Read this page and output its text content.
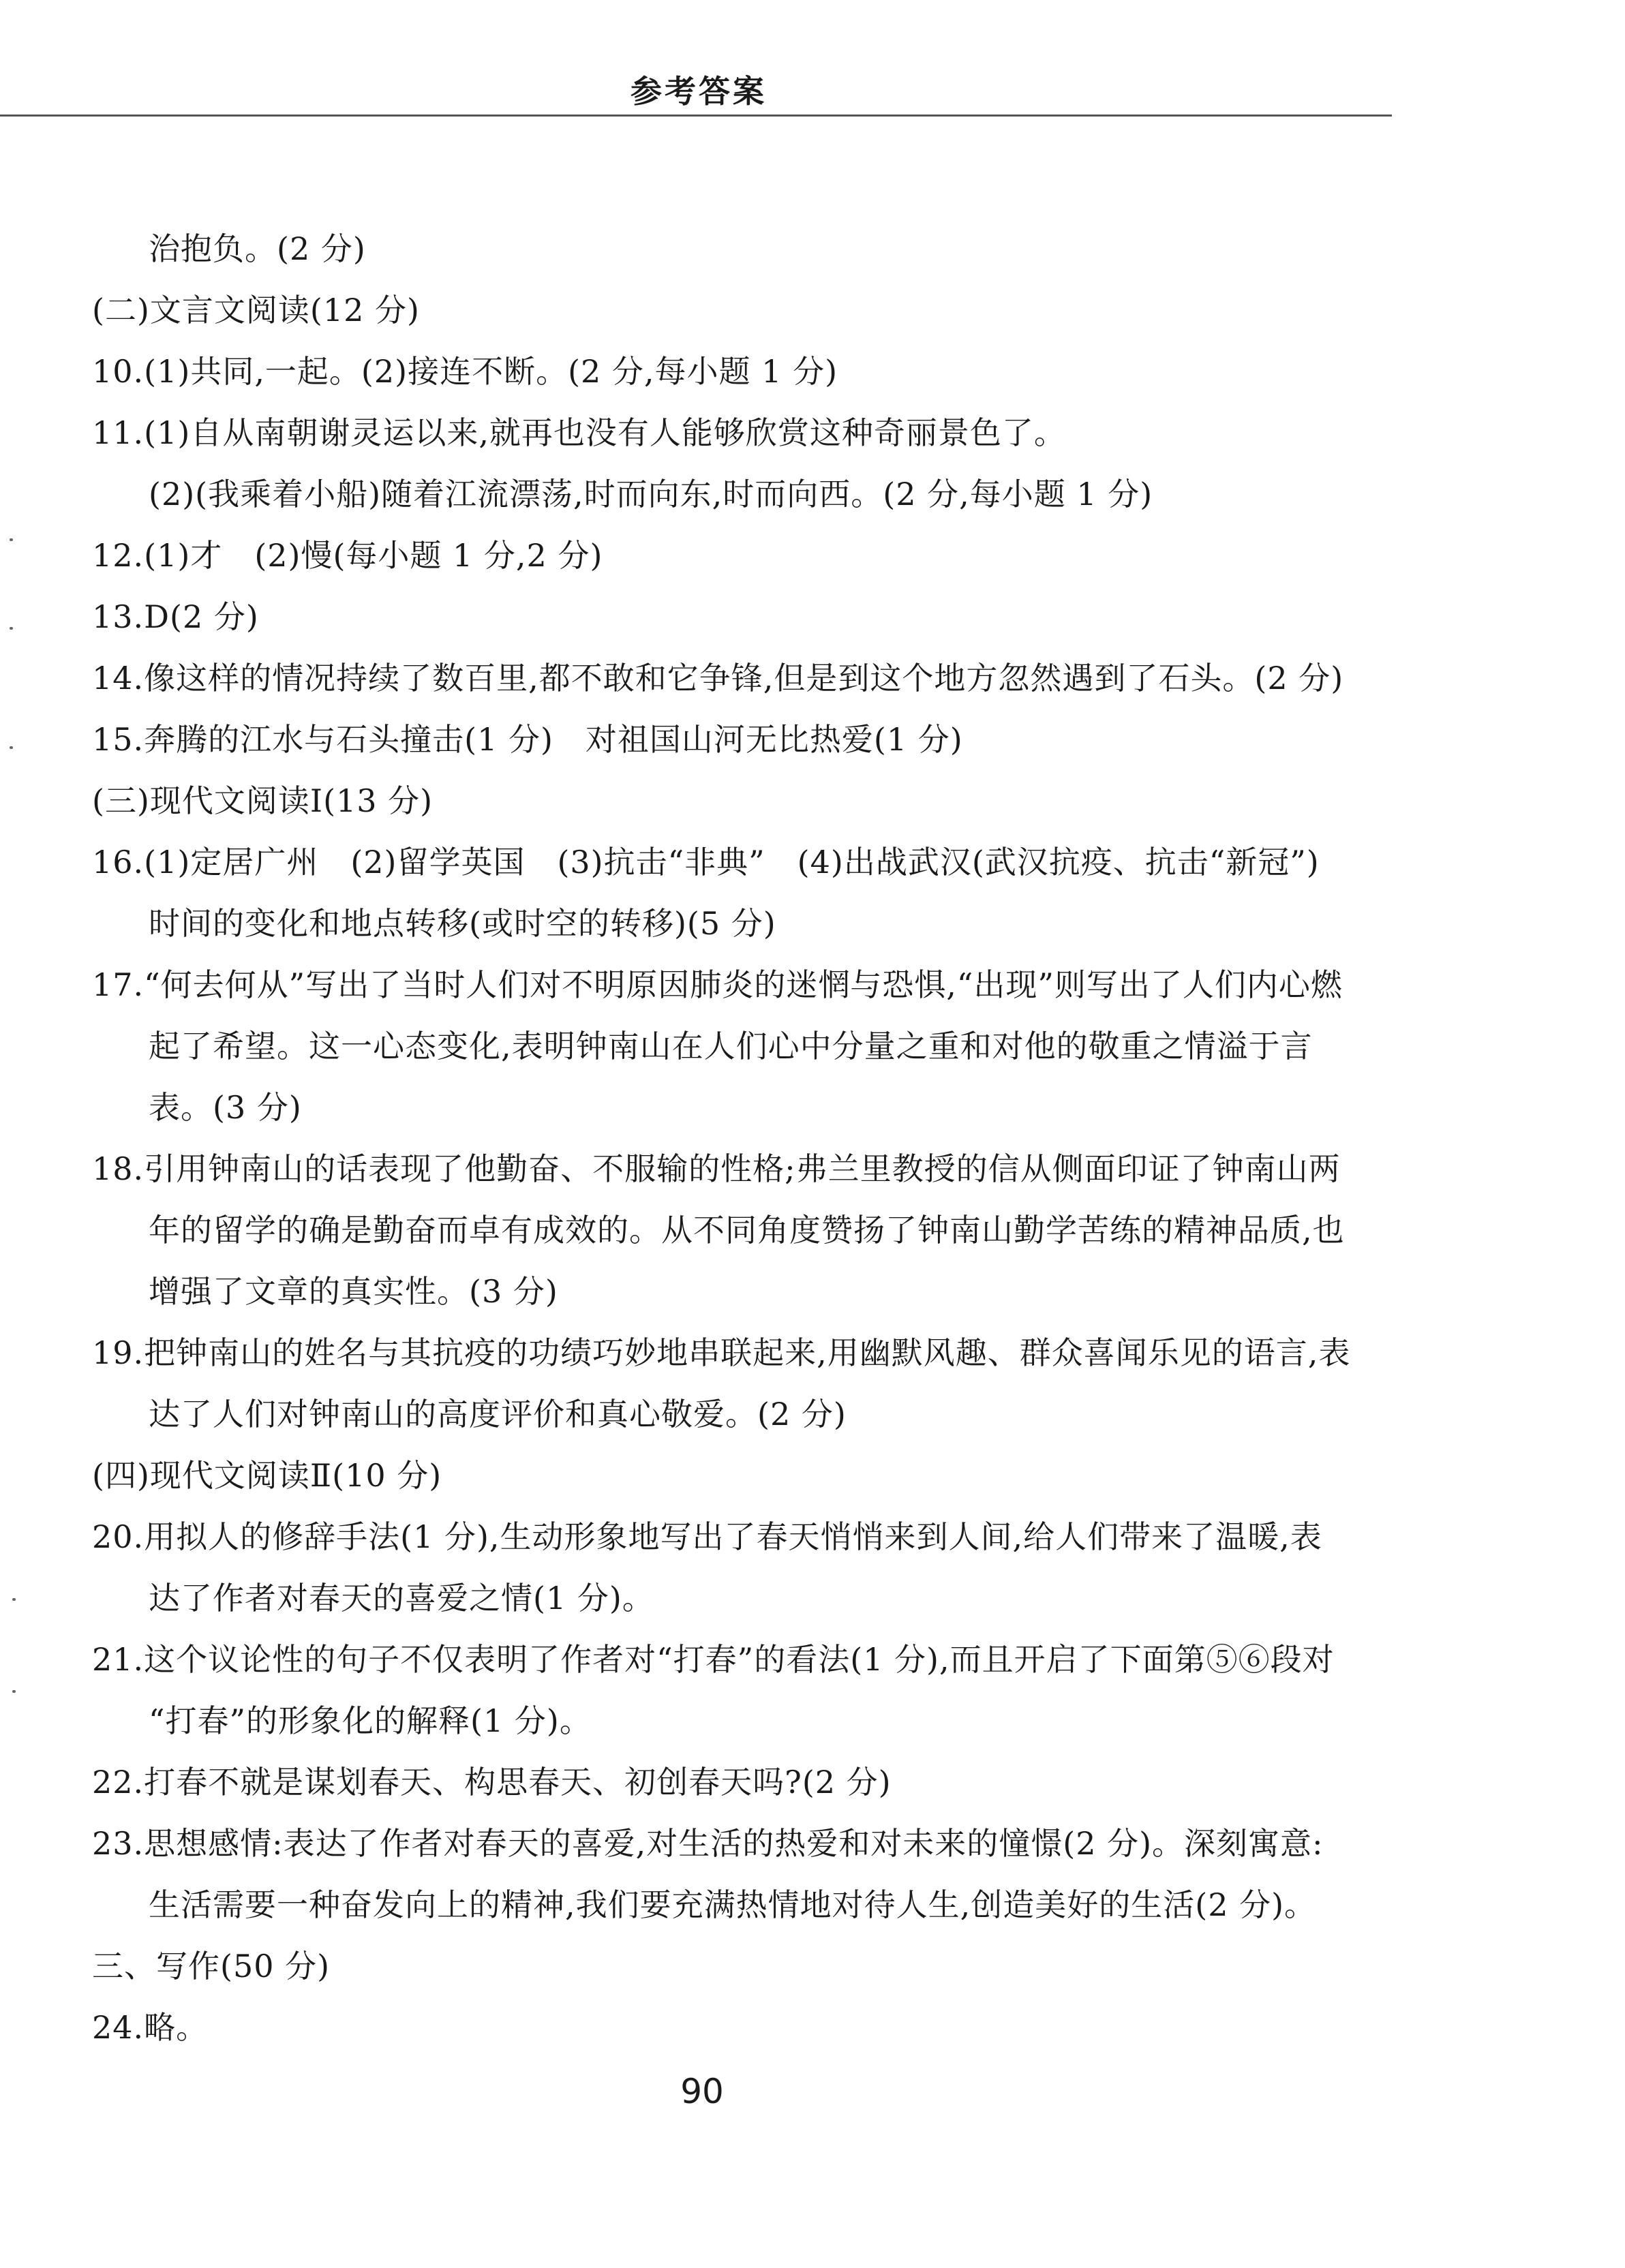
参考答案
治抱负。(2 分)
(二)文言文阅读(12 分)
10.(1)共同,一起。(2)接连不断。(2 分,每小题 1 分)
11.(1)自从南朝谢灵运以来,就再也没有人能够欣赏这种奇丽景色了。
(2)(我乘着小船)随着江流漂荡,时而向东,时而向西。(2 分,每小题 1 分)
12.(1)才　(2)慢(每小题 1 分,2 分)
13.D(2 分)
14.像这样的情况持续了数百里,都不敢和它争锋,但是到这个地方忽然遇到了石头。(2 分)
15.奔腾的江水与石头撞击(1 分)　对祖国山河无比热爱(1 分)
(三)现代文阅读Ⅰ(13 分)
16.(1)定居广州　(2)留学英国　(3)抗击“非典”　(4)出战武汉(武汉抗疫、抗击“新冠”)
时间的变化和地点转移(或时空的转移)(5 分)
17.“何去何从”写出了当时人们对不明原因肺炎的迷惘与恐惧,“出现”则写出了人们内心燃
起了希望。这一心态变化,表明钟南山在人们心中分量之重和对他的敬重之情溢于言
表。(3 分)
18.引用钟南山的话表现了他勤奋、不服输的性格;弗兰里教授的信从侧面印证了钟南山两
年的留学的确是勤奋而卓有成效的。从不同角度赞扬了钟南山勤学苦练的精神品质,也
增强了文章的真实性。(3 分)
19.把钟南山的姓名与其抗疫的功绩巧妙地串联起来,用幽默风趣、群众喜闻乐见的语言,表
达了人们对钟南山的高度评价和真心敬爱。(2 分)
(四)现代文阅读Ⅱ(10 分)
20.用拟人的修辞手法(1 分),生动形象地写出了春天悄悄来到人间,给人们带来了温暖,表
达了作者对春天的喜爱之情(1 分)。
21.这个议论性的句子不仅表明了作者对“打春”的看法(1 分),而且开启了下面第⑤⑥段对
“打春”的形象化的解释(1 分)。
22.打春不就是谋划春天、构思春天、初创春天吗?(2 分)
23.思想感情:表达了作者对春天的喜爱,对生活的热爱和对未来的憧憬(2 分)。深刻寓意:
生活需要一种奋发向上的精神,我们要充满热情地对待人生,创造美好的生活(2 分)。
三、写作(50 分)
24.略。
90
